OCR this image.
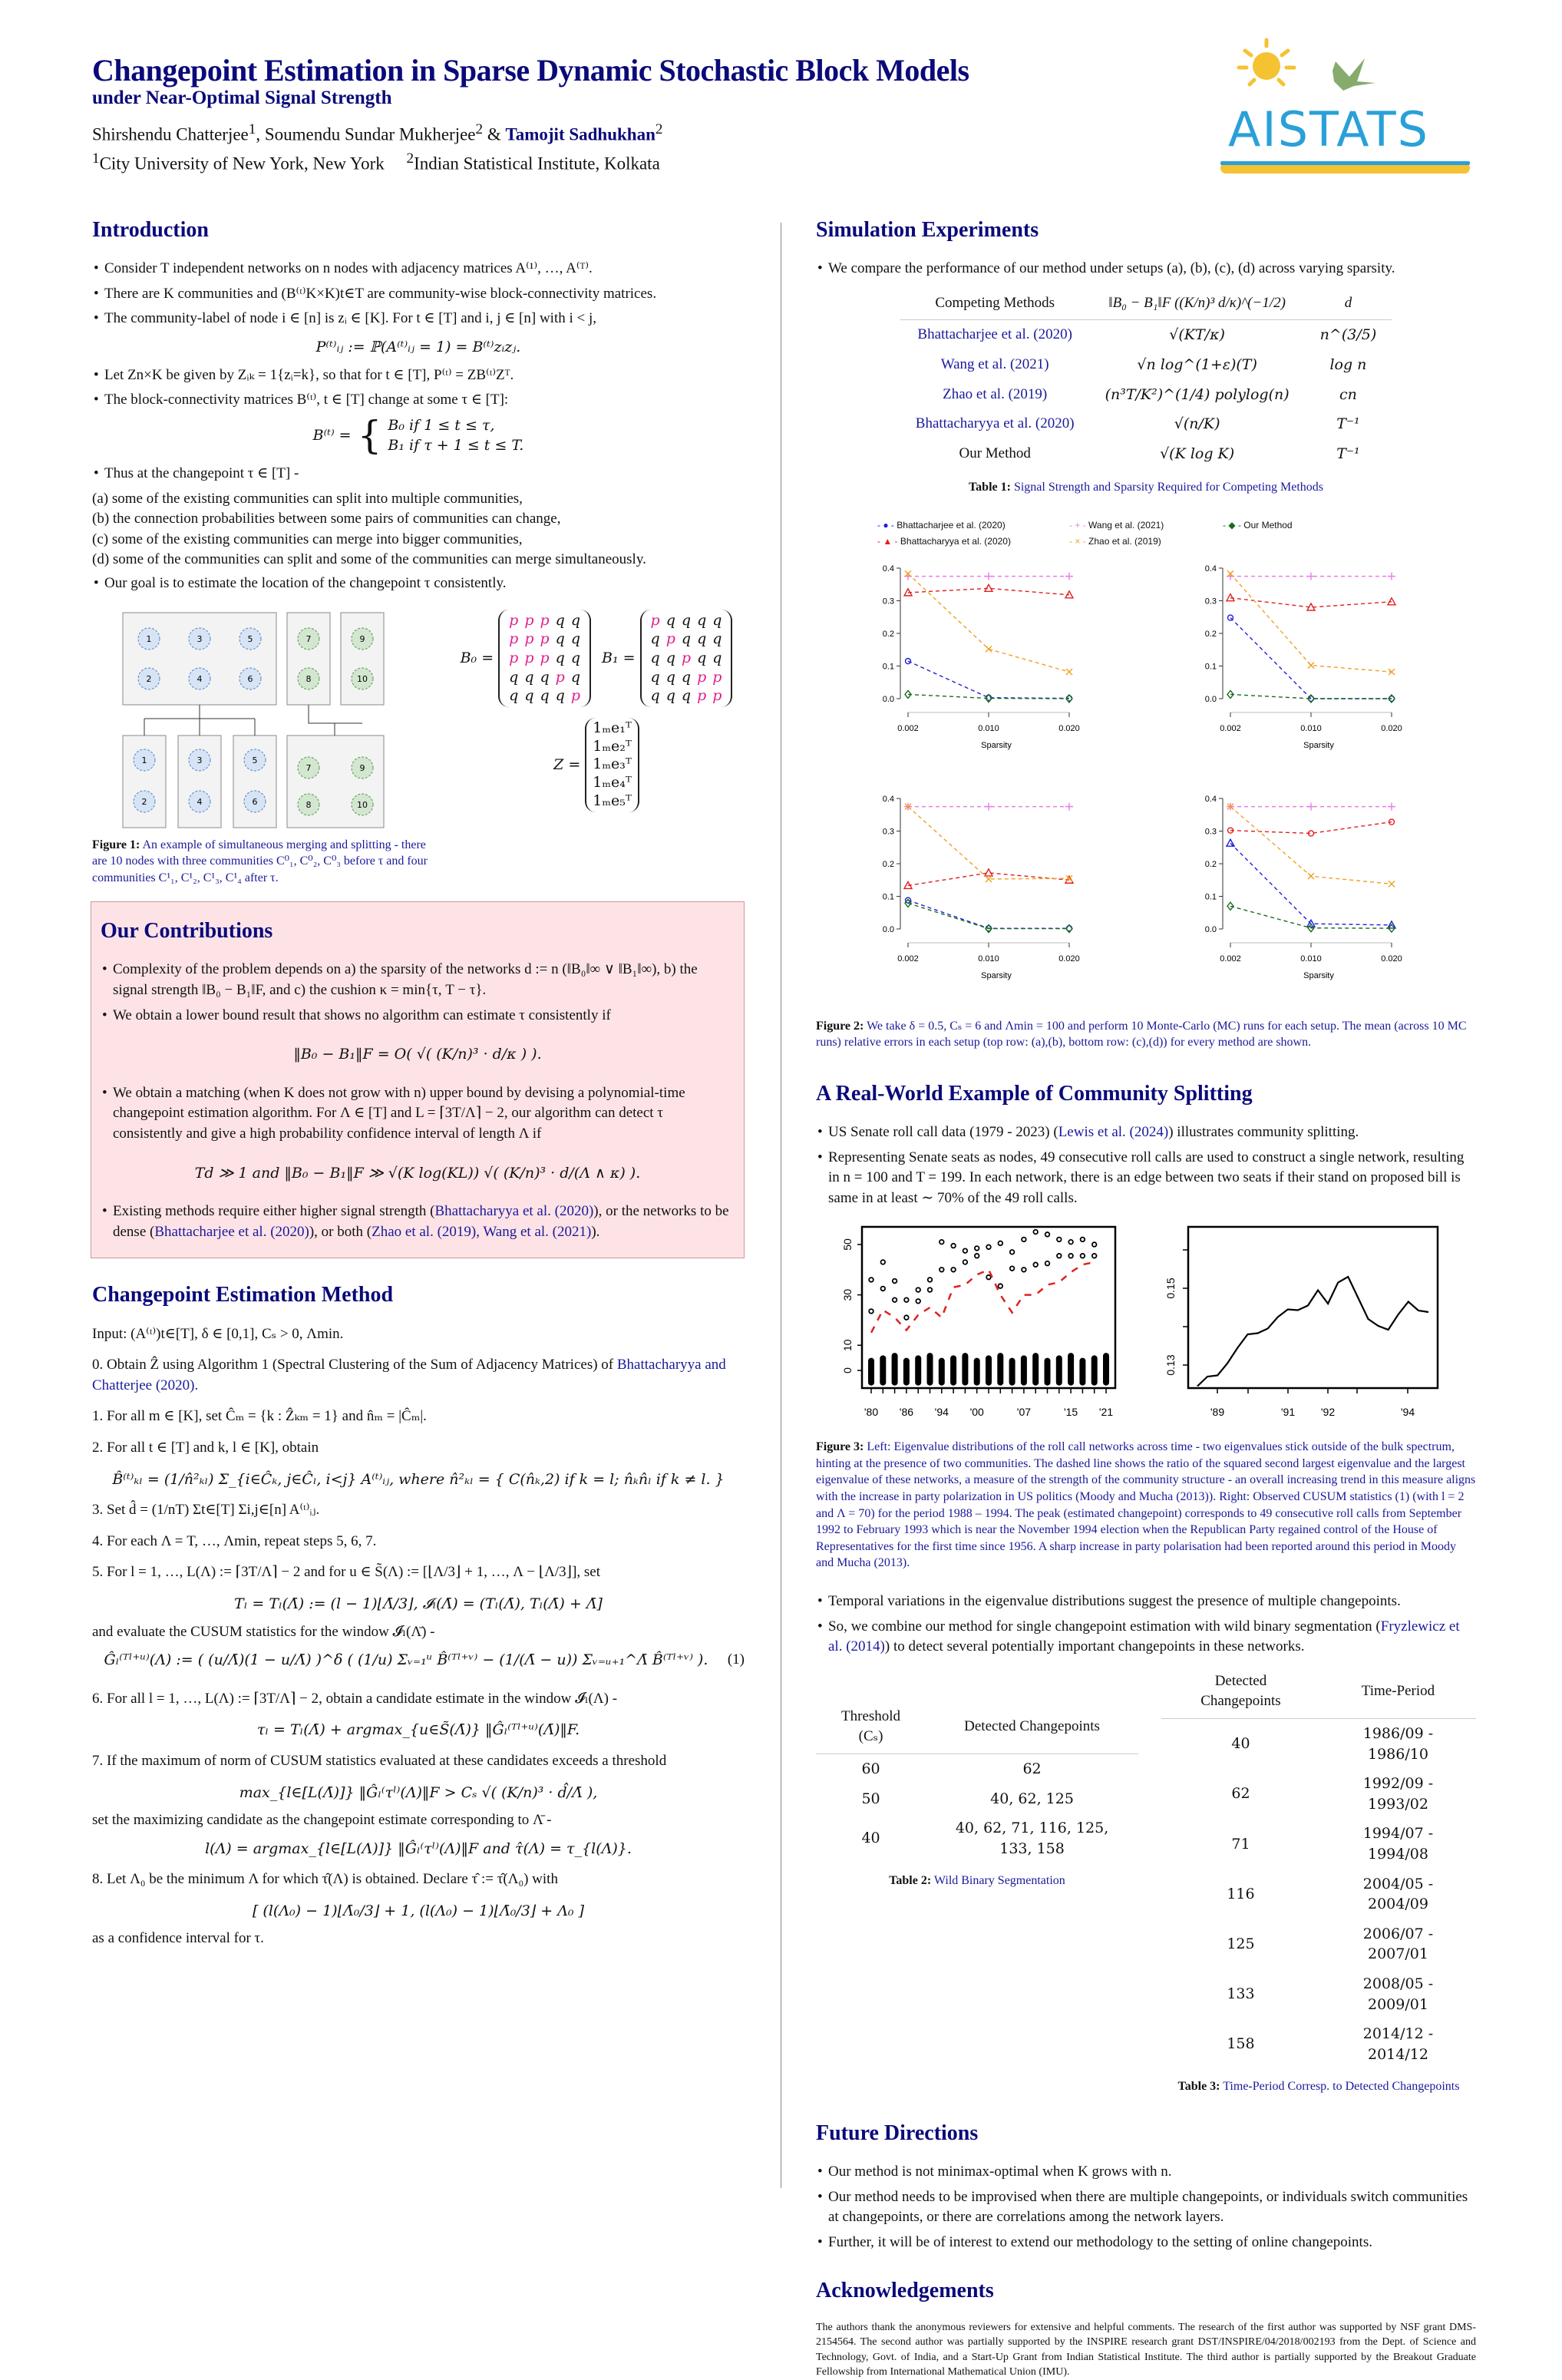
Changepoint Estimation in Sparse Dynamic Stochastic Block Models
under Near-Optimal Signal Strength
Shirshendu Chatterjee$^1$, Soumendu Sundar Mukherjee$^2$ & Tamojit Sadhukhan$^2$
$^1$City University of New York, New York $^2$Indian Statistical Institute, Kolkata
AISTATS
Introduction
• Consider T independent networks on n nodes with adjacency matrices A⁽¹⁾, …, A⁽ᵀ⁾.
• There are K communities and (B⁽ᵗ⁾K×K)t∈T are community-wise block-connectivity matrices.
• The community-label of node i ∈ [n] is zᵢ ∈ [K]. For t ∈ [T] and i, j ∈ [n] with i < j,
P⁽ᵗ⁾ᵢⱼ := ℙ(A⁽ᵗ⁾ᵢⱼ = 1) = B⁽ᵗ⁾zᵢzⱼ.
• Let Zn×K be given by Zᵢₖ = 1{zᵢ=k}, so that for t ∈ [T], P⁽ᵗ⁾ = ZB⁽ᵗ⁾Zᵀ.
• The block-connectivity matrices B⁽ᵗ⁾, t ∈ [T] change at some τ ∈ [T]:
B⁽ᵗ⁾ = { B₀ if 1 ≤ t ≤ τ,
B₁ if τ + 1 ≤ t ≤ T.
• Thus at the changepoint τ ∈ [T] -
(a) some of the existing communities can split into multiple communities,
(b) the connection probabilities between some pairs of communities can change,
(c) some of the existing communities can merge into bigger communities,
(d) some of the communities can split and some of the communities can merge simultaneously.
• Our goal is to estimate the location of the changepoint τ consistently.
1	3	5
2	4	6
7	9
8	10
1
2
3
4
5
6
7	9
8	10
Figure 1: An example of simultaneous merging and splitting - there are 10 nodes with three communities C⁰₁, C⁰₂, C⁰₃ before τ and four communities C¹₁, C¹₂, C¹₃, C¹₄ after τ.
B₀ =
p p p q q
p p p q q
p p p q q
q q q p q
q q q q p
B₁ =
p q q q q
q p q q q
q q p q q
q q q p p
q q q p p
Z =
1ₘe₁ᵀ
1ₘe₂ᵀ
1ₘe₃ᵀ
1ₘe₄ᵀ
1ₘe₅ᵀ
Our Contributions
• Complexity of the problem depends on a) the sparsity of the networks d := n (‖B₀‖∞ ∨ ‖B₁‖∞), b) the signal strength ‖B₀ − B₁‖F, and c) the cushion κ = min{τ, T − τ}.
• We obtain a lower bound result that shows no algorithm can estimate τ consistently if
‖B₀ − B₁‖F = O( √( (K/n)³ · d/κ ) ).
• We obtain a matching (when K does not grow with n) upper bound by devising a polynomial-time changepoint estimation algorithm. For Λ ∈ [T] and L = ⌈3T/Λ⌉ − 2, our algorithm can detect τ consistently and give a high probability confidence interval of length Λ if
Td ≫ 1 and ‖B₀ − B₁‖F ≫ √(K log(KL)) √( (K/n)³ · d/(Λ ∧ κ) ).
• Existing methods require either higher signal strength (Bhattacharyya et al. (2020)), or the networks to be dense (Bhattacharjee et al. (2020)), or both (Zhao et al. (2019), Wang et al. (2021)).
Changepoint Estimation Method
Input: (A⁽ᵗ⁾)t∈[T], δ ∈ [0,1], Cₛ > 0, Λmin.
0. Obtain Ẑ using Algorithm 1 (Spectral Clustering of the Sum of Adjacency Matrices) of Bhattacharyya and Chatterjee (2020).
1. For all m ∈ [K], set Ĉₘ = {k : Ẑₖₘ = 1} and n̂ₘ = |Ĉₘ|.
2. For all t ∈ [T] and k, l ∈ [K], obtain
B̂⁽ᵗ⁾ₖₗ = (1/n̂²ₖₗ) Σ_{i∈Ĉₖ, j∈Ĉₗ, i<j} A⁽ᵗ⁾ᵢⱼ, where n̂²ₖₗ = { C(n̂ₖ,2) if k = l; n̂ₖn̂ₗ if k ≠ l. }
3. Set d̂ = (1/nT) Σt∈[T] Σi,j∈[n] A⁽ᵗ⁾ᵢⱼ.
4. For each Λ = T, …, Λmin, repeat steps 5, 6, 7.
5. For l = 1, …, L(Λ) := ⌈3T/Λ⌉ − 2 and for u ∈ S̃(Λ) := [⌊Λ/3⌋ + 1, …, Λ − ⌊Λ/3⌋], set
Tₗ = Tₗ(Λ̄) := (l − 1)⌊Λ̄/3⌋, 𝓘ₗ(Λ̄) = (Tₗ(Λ̄), Tₗ(Λ̄) + Λ̄]
and evaluate the CUSUM statistics for the window 𝓘ₗ(Λ̄) -
Ĝₗ⁽ᵀˡ⁺ᵘ⁾(Λ) := ( (u/Λ̄)(1 − u/Λ̄) )^δ ( (1/u) Σᵥ₌₁ᵘ B̂⁽ᵀˡ⁺ᵛ⁾ − (1/(Λ̄ − u)) Σᵥ₌ᵤ₊₁^Λ̄ B̂⁽ᵀˡ⁺ᵛ⁾ ).	(1)
6. For all l = 1, …, L(Λ) := ⌈3T/Λ⌉ − 2, obtain a candidate estimate in the window 𝓘ₗ(Λ) -
τₗ = Tₗ(Λ̄) + argmax_{u∈S̃(Λ̄)} ‖Ĝₗ⁽ᵀˡ⁺ᵘ⁾(Λ̄)‖F.
7. If the maximum of norm of CUSUM statistics evaluated at these candidates exceeds a threshold
max_{l∈[L(Λ̄)]} ‖Ĝₗ⁽τˡ⁾(Λ)‖F > Cₛ √( (K/n)³ · d̂/Λ̄ ),
set the maximizing candidate as the changepoint estimate corresponding to Λ̄ -
l(Λ) = argmax_{l∈[L(Λ)]} ‖Ĝₗ⁽τˡ⁾(Λ)‖F and τ̂(Λ) = τ_{l(Λ)}.
8. Let Λ₀ be the minimum Λ for which τ̂(Λ) is obtained. Declare τ̂ := τ̂(Λ₀) with
[ (l(Λ₀) − 1)⌊Λ̄₀/3⌋ + 1, (l(Λ₀) − 1)⌊Λ̄₀/3⌋ + Λ₀ ]
as a confidence interval for τ.
Simulation Experiments
• We compare the performance of our method under setups (a), (b), (c), (d) across varying sparsity.
Competing Methods	‖B₀ − B₁‖F ((K/n)³ d/κ)^(−1/2)	d
Bhattacharjee et al. (2020)	√(KT/κ)	n^(3/5)
Wang et al. (2021)	√n log^(1+ε)(T)	log n
Zhao et al. (2019)	(n³T/K²)^(1/4) polylog(n)	cn
Bhattacharyya et al. (2020)	√(n/K)	T⁻¹
Our Method	√(K log K)	T⁻¹
Table 1: Signal Strength and Sparsity Required for Competing Methods
- ● - Bhattacharjee et al. (2020)	- + - Wang et al. (2021)	- ◆ - Our Method
- ▲ - Bhattacharyya et al. (2020)	- × - Zhao et al. (2019)
0.0
0.1
0.2
0.3
0.4
0.002	0.010	0.020
Sparsity
0.0
0.1
0.2
0.3
0.4
0.002	0.010	0.020
Sparsity
0.0
0.1
0.2
0.3
0.4
0.002	0.010	0.020
Sparsity
0.0
0.1
0.2
0.3
0.4
0.002	0.010	0.020
Sparsity
Figure 2: We take δ = 0.5, Cₛ = 6 and Λmin = 100 and perform 10 Monte-Carlo (MC) runs for each setup. The mean (across 10 MC runs) relative errors in each setup (top row: (a),(b), bottom row: (c),(d)) for every method are shown.
A Real-World Example of Community Splitting
• US Senate roll call data (1979 - 2023) (Lewis et al. (2024)) illustrates community splitting.
• Representing Senate seats as nodes, 49 consecutive roll calls are used to construct a single network, resulting in n = 100 and T = 199. In each network, there is an edge between two seats if their stand on proposed bill is same in at least ∼ 70% of the 49 roll calls.
0
10
30
50
'80 '86 '94 '00	'07	'15 '21
0.13
0.15
'89	'91 '92	'94
Figure 3: Left: Eigenvalue distributions of the roll call networks across time - two eigenvalues stick outside of the bulk spectrum, hinting at the presence of two communities. The dashed line shows the ratio of the squared second largest eigenvalue and the largest eigenvalue of these networks, a measure of the strength of the community structure - an overall increasing trend in this measure aligns with the increase in party polarization in US politics (Moody and Mucha (2013)). Right: Observed CUSUM statistics (1) (with l = 2 and Λ = 70) for the period 1988 – 1994. The peak (estimated changepoint) corresponds to 49 consecutive roll calls from September 1992 to February 1993 which is near the November 1994 election when the Republican Party regained control of the House of Representatives for the first time since 1956. A sharp increase in party polarisation had been reported around this period in Moody and Mucha (2013).
• Temporal variations in the eigenvalue distributions suggest the presence of multiple changepoints.
• So, we combine our method for single changepoint estimation with wild binary segmentation (Fryzlewicz et al. (2014)) to detect several potentially important changepoints in these networks.
Threshold (Cₛ)	Detected Changepoints
60	62
50	40, 62, 125
40	40, 62, 71, 116, 125, 133, 158
Table 2: Wild Binary Segmentation
Detected Changepoints	Time-Period
40	1986/09 - 1986/10
62	1992/09 - 1993/02
71	1994/07 - 1994/08
116	2004/05 - 2004/09
125	2006/07 - 2007/01
133	2008/05 - 2009/01
158	2014/12 - 2014/12
Table 3: Time-Period Corresp. to Detected Changepoints
Future Directions
• Our method is not minimax-optimal when K grows with n.
• Our method needs to be improvised when there are multiple changepoints, or individuals switch communities at changepoints, or there are correlations among the network layers.
• Further, it will be of interest to extend our methodology to the setting of online changepoints.
Acknowledgements
The authors thank the anonymous reviewers for extensive and helpful comments. The research of the first author was supported by NSF grant DMS-2154564. The second author was partially supported by the INSPIRE research grant DST/INSPIRE/04/2018/002193 from the Dept. of Science and Technology, Govt. of India, and a Start-Up Grant from Indian Statistical Institute. The third author is partially supported by the Breakout Graduate Fellowship from International Mathematical Union (IMU).
